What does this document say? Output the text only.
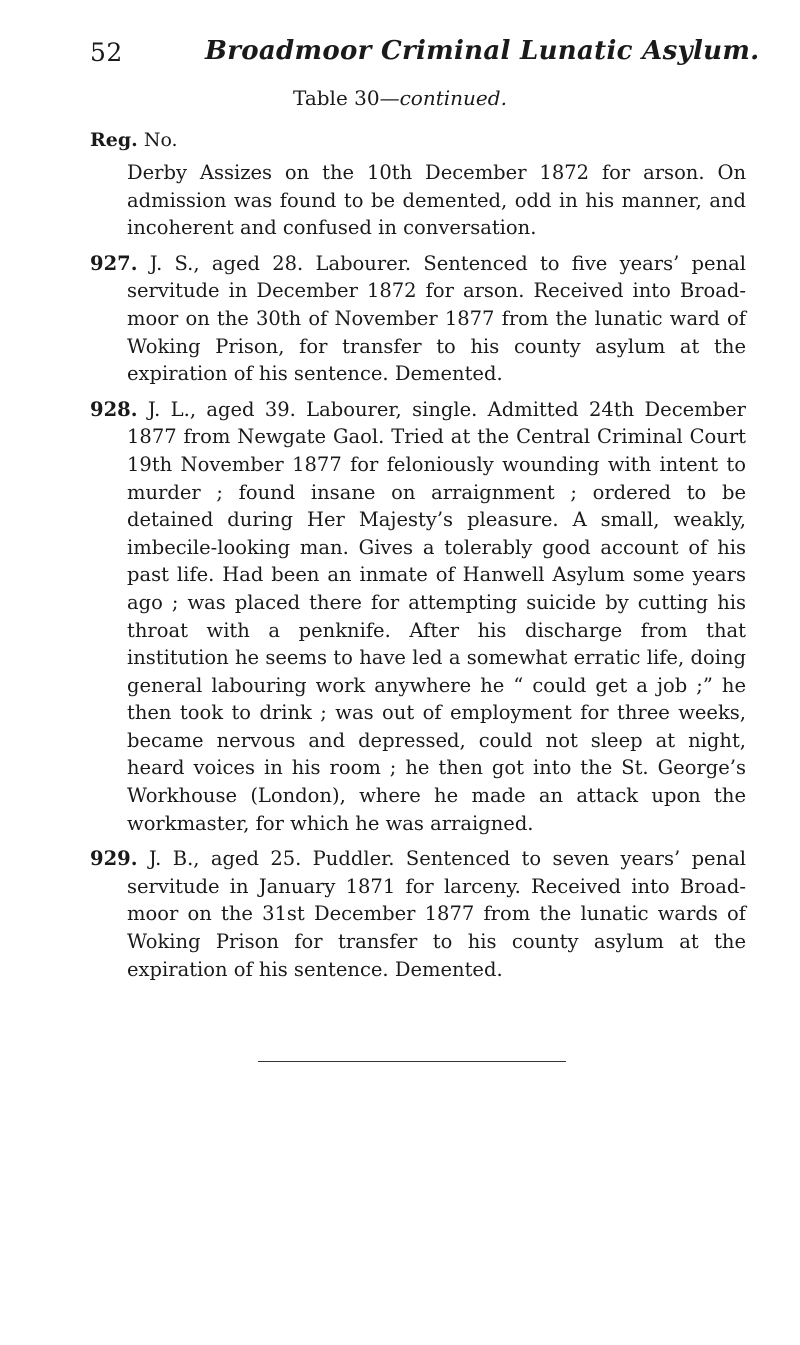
52	Broadmoor Criminal Lunatic Asylum.
Table 30—continued.
Reg. No.

Derby Assizes on the 10th December 1872 for arson. On admission was found to be demented, odd in his manner, and incoherent and confused in conversation.

927. J. S., aged 28. Labourer. Sentenced to five years’ penal servitude in December 1872 for arson. Received into Broadmoor on the 30th of November 1877 from the lunatic ward of Woking Prison, for transfer to his county asylum at the expiration of his sentence. Demented.

928. J. L., aged 39. Labourer, single. Admitted 24th December 1877 from Newgate Gaol. Tried at the Central Criminal Court 19th November 1877 for feloniously wounding with intent to murder ; found insane on arraignment ; ordered to be detained during Her Majesty’s pleasure. A small, weakly, imbecile-looking man. Gives a tolerably good account of his past life. Had been an inmate of Hanwell Asylum some years ago ; was placed there for attempting suicide by cutting his throat with a penknife. After his discharge from that institution he seems to have led a somewhat erratic life, doing general labouring work anywhere he “ could get a job ;” he then took to drink ; was out of employment for three weeks, became nervous and depressed, could not sleep at night, heard voices in his room ; he then got into the St. George’s Workhouse (London), where he made an attack upon the workmaster, for which he was arraigned.

929. J. B., aged 25. Puddler. Sentenced to seven years’ penal servitude in January 1871 for larceny. Received into Broadmoor on the 31st December 1877 from the lunatic wards of Woking Prison for transfer to his county asylum at the expiration of his sentence. Demented.
